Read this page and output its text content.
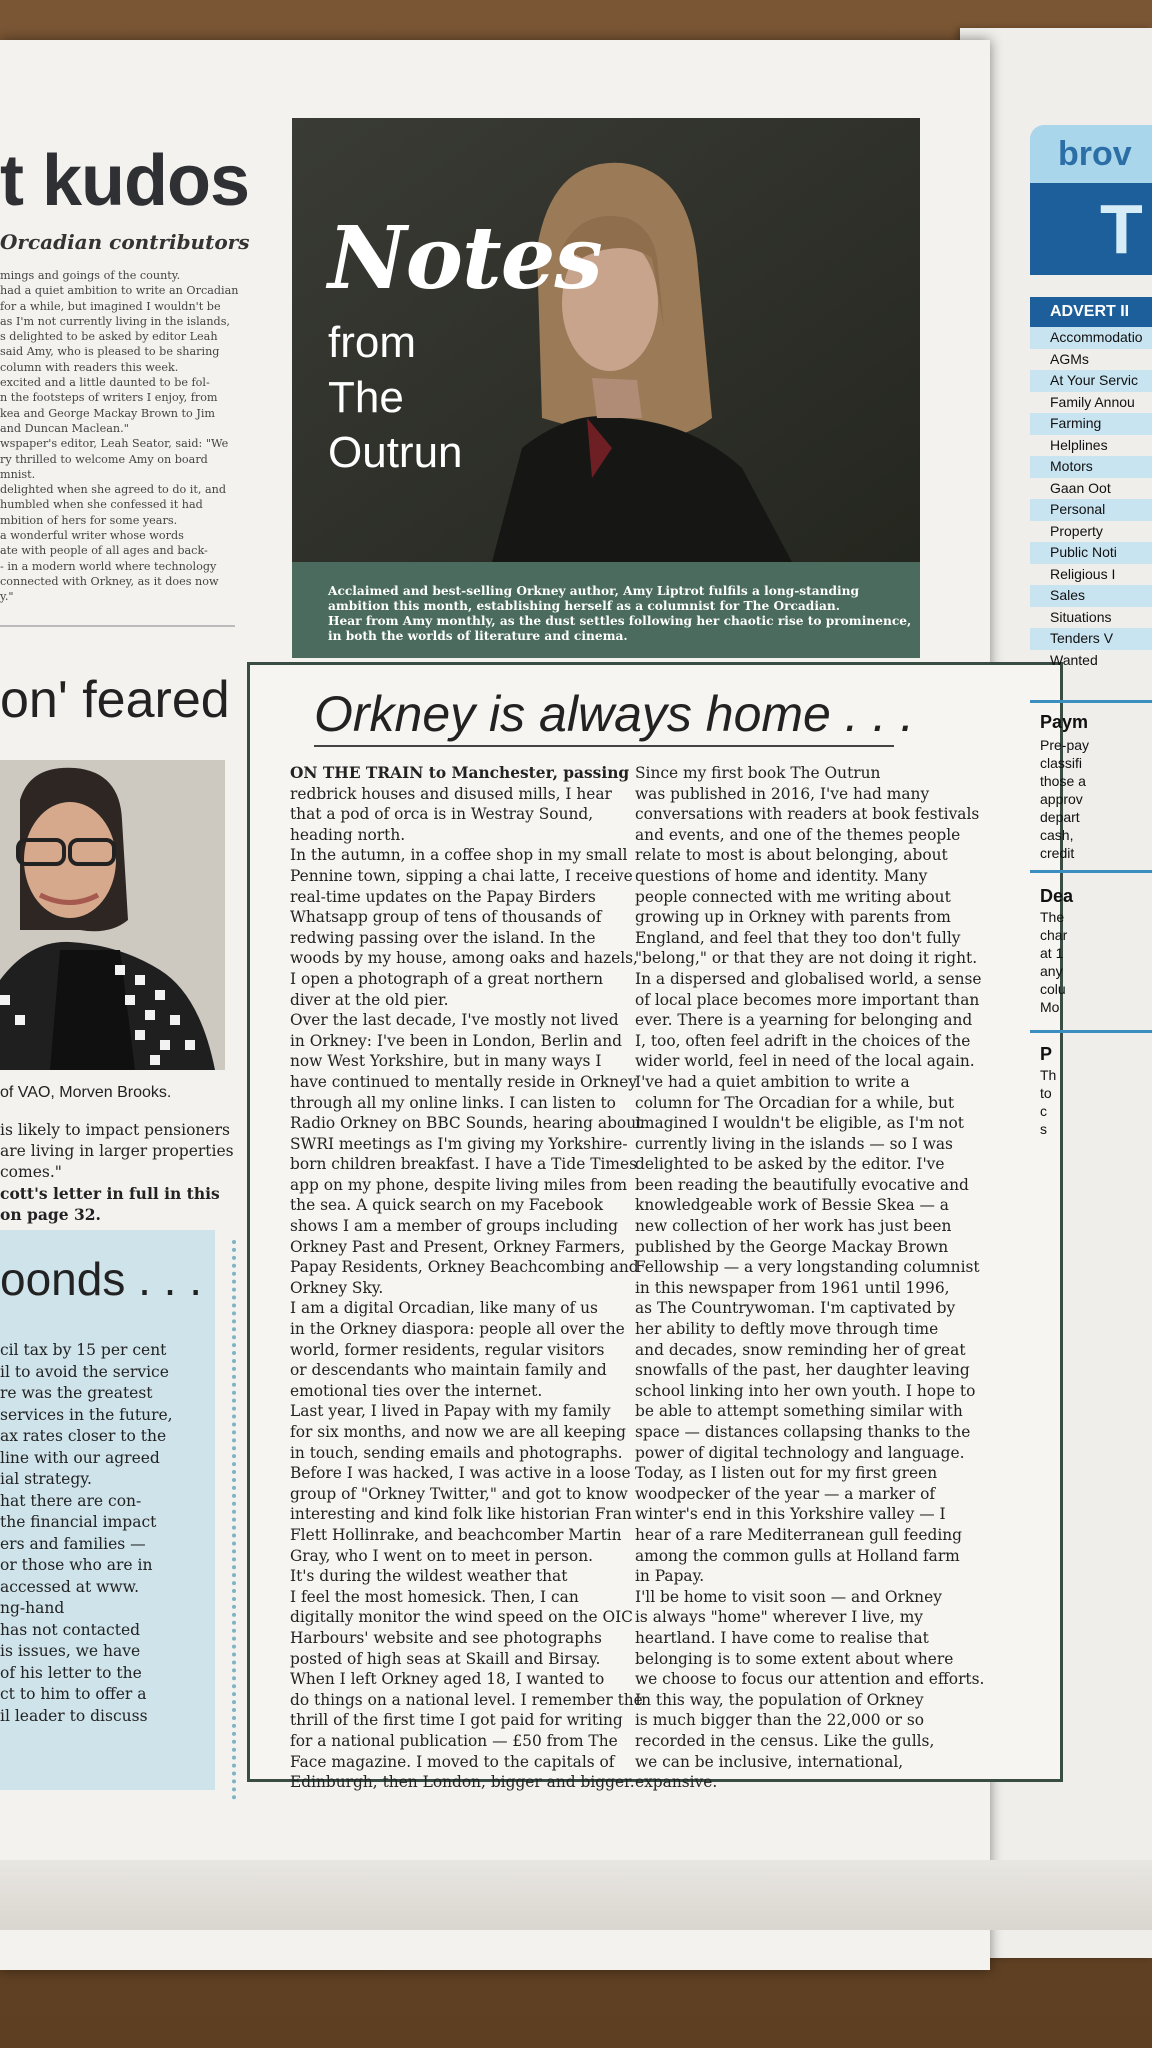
t kudos
Orcadian contributors

mings and goings of the county.

had a quiet ambition to write an Orcadian

for a while, but imagined I wouldn't be

as I'm not currently living in the islands,

s delighted to be asked by editor Leah

said Amy, who is pleased to be sharing

column with readers this week.

excited and a little daunted to be fol-

n the footsteps of writers I enjoy, from

kea and George Mackay Brown to Jim

and Duncan Maclean."

wspaper's editor, Leah Seator, said: "We

ry thrilled to welcome Amy on board

mnist.

delighted when she agreed to do it, and

humbled when she confessed it had

mbition of hers for some years.

a wonderful writer whose words

ate with people of all ages and back-

- in a modern world where technology

connected with Orkney, as it does now

y."

on' feared
of VAO, Morven Brooks.

is likely to impact pensioners

are living in larger properties

comes."

cott's letter in full in this

on page 32.

oonds . . .

cil tax by 15 per cent

il to avoid the service

re was the greatest

services in the future,

ax rates closer to the

line with our agreed

ial strategy.

hat there are con-

the financial impact

ers and families —

or those who are in

accessed at www.

ng-hand

has not contacted

is issues, we have

of his letter to the

ct to him to offer a

il leader to discuss

Notes
from
The
Outrun

Acclaimed and best-selling Orkney author, Amy Liptrot fulfils a long-standing

ambition this month, establishing herself as a columnist for The Orcadian.

Hear from Amy monthly, as the dust settles following her chaotic rise to prominence,

in both the worlds of literature and cinema.

Orkney is always home . . .

ON THE TRAIN to Manchester, passing

redbrick houses and disused mills, I hear

that a pod of orca is in Westray Sound,

heading north.

In the autumn, in a coffee shop in my small

Pennine town, sipping a chai latte, I receive

real-time updates on the Papay Birders

Whatsapp group of tens of thousands of

redwing passing over the island. In the

woods by my house, among oaks and hazels,

I open a photograph of a great northern

diver at the old pier.

Over the last decade, I've mostly not lived

in Orkney: I've been in London, Berlin and

now West Yorkshire, but in many ways I

have continued to mentally reside in Orkney

through all my online links. I can listen to

Radio Orkney on BBC Sounds, hearing about

SWRI meetings as I'm giving my Yorkshire-

born children breakfast. I have a Tide Times

app on my phone, despite living miles from

the sea. A quick search on my Facebook

shows I am a member of groups including

Orkney Past and Present, Orkney Farmers,

Papay Residents, Orkney Beachcombing and

Orkney Sky.

I am a digital Orcadian, like many of us

in the Orkney diaspora: people all over the

world, former residents, regular visitors

or descendants who maintain family and

emotional ties over the internet.

Last year, I lived in Papay with my family

for six months, and now we are all keeping

in touch, sending emails and photographs.

Before I was hacked, I was active in a loose

group of "Orkney Twitter," and got to know

interesting and kind folk like historian Fran

Flett Hollinrake, and beachcomber Martin

Gray, who I went on to meet in person.

It's during the wildest weather that

I feel the most homesick. Then, I can

digitally monitor the wind speed on the OIC

Harbours' website and see photographs

posted of high seas at Skaill and Birsay.

When I left Orkney aged 18, I wanted to

do things on a national level. I remember the

thrill of the first time I got paid for writing

for a national publication — £50 from The

Face magazine. I moved to the capitals of

Edinburgh, then London, bigger and bigger.

Since my first book The Outrun

was published in 2016, I've had many

conversations with readers at book festivals

and events, and one of the themes people

relate to most is about belonging, about

questions of home and identity. Many

people connected with me writing about

growing up in Orkney with parents from

England, and feel that they too don't fully

"belong," or that they are not doing it right.

In a dispersed and globalised world, a sense

of local place becomes more important than

ever. There is a yearning for belonging and

I, too, often feel adrift in the choices of the

wider world, feel in need of the local again.

I've had a quiet ambition to write a

column for The Orcadian for a while, but

imagined I wouldn't be eligible, as I'm not

currently living in the islands — so I was

delighted to be asked by the editor. I've

been reading the beautifully evocative and

knowledgeable work of Bessie Skea — a

new collection of her work has just been

published by the George Mackay Brown

Fellowship — a very longstanding columnist

in this newspaper from 1961 until 1996,

as The Countrywoman. I'm captivated by

her ability to deftly move through time

and decades, snow reminding her of great

snowfalls of the past, her daughter leaving

school linking into her own youth. I hope to

be able to attempt something similar with

space — distances collapsing thanks to the

power of digital technology and language.

Today, as I listen out for my first green

woodpecker of the year — a marker of

winter's end in this Yorkshire valley — I

hear of a rare Mediterranean gull feeding

among the common gulls at Holland farm

in Papay.

I'll be home to visit soon — and Orkney

is always "home" wherever I live, my

heartland. I have come to realise that

belonging is to some extent about where

we choose to focus our attention and efforts.

In this way, the population of Orkney

is much bigger than the 22,000 or so

recorded in the census. Like the gulls,

we can be inclusive, international,

expansive.

brov
T
ADVERT II
Accommodatio
AGMs
At Your Servic
Family Annou
Farming
Helplines
Motors
Gaan Oot
Personal
Property
Public Noti
Religious I
Sales
Situations
Tenders V
Wanted
Paym

Pre-pay

classifi

those a

approv

depart

cash,

credit

Dea

The

char

at 1

any

colu

Mo

P

Th

to

c

s
